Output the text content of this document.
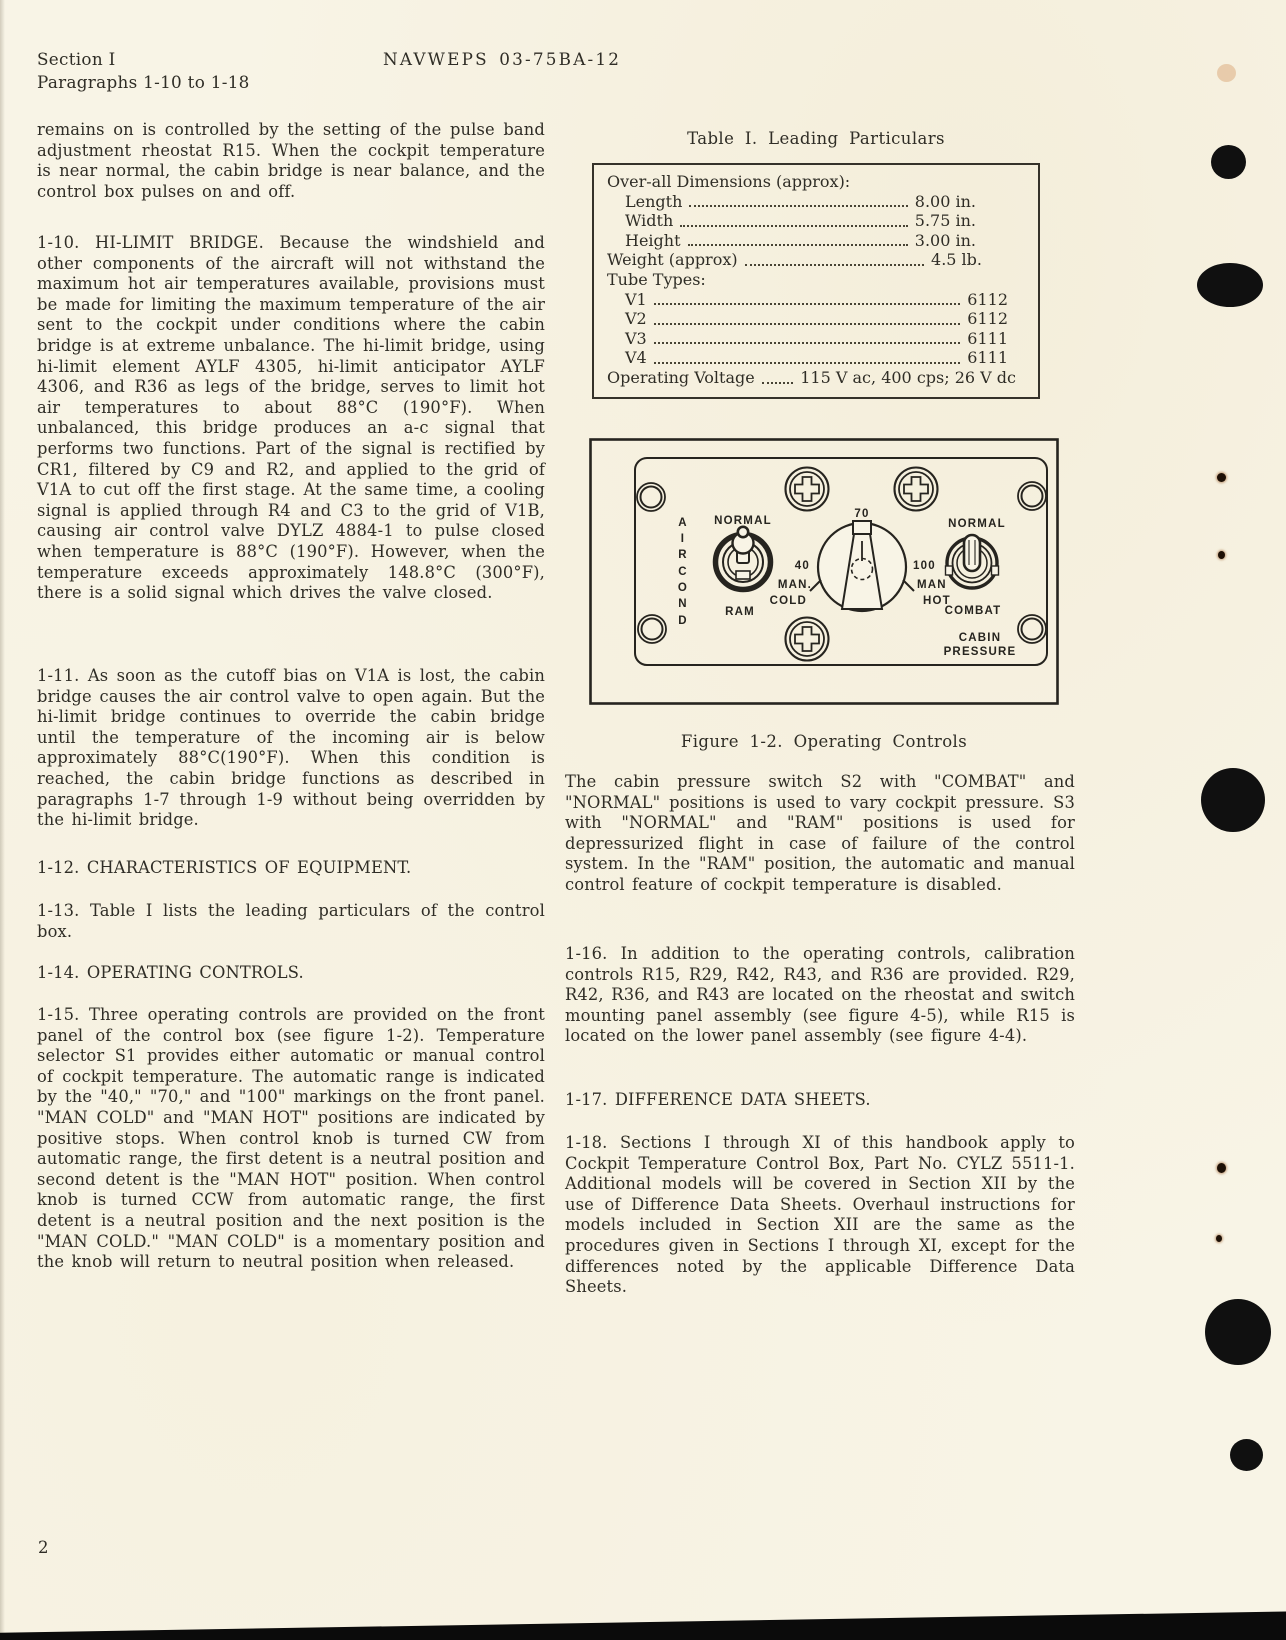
Section I
Paragraphs 1-10 to 1-18
NAVWEPS 03-75BA-12

remains on is controlled by the setting of the pulse band adjustment rheostat R15. When the cockpit temperature is near normal, the cabin bridge is near balance, and the control box pulses on and off.

1-10. HI-LIMIT BRIDGE. Because the windshield and other components of the aircraft will not withstand the maximum hot air temperatures available, provisions must be made for limiting the maximum temperature of the air sent to the cockpit under conditions where the cabin bridge is at extreme unbalance. The hi-limit bridge, using hi-limit element AYLF 4305, hi-limit anticipator AYLF 4306, and R36 as legs of the bridge, serves to limit hot air temperatures to about 88°C (190°F). When unbalanced, this bridge produces an a-c signal that performs two functions. Part of the signal is rectified by CR1, filtered by C9 and R2, and applied to the grid of V1A to cut off the first stage. At the same time, a cooling signal is applied through R4 and C3 to the grid of V1B, causing air control valve DYLZ 4884-1 to pulse closed when temperature is 88°C (190°F). However, when the temperature exceeds approximately 148.8°C (300°F), there is a solid signal which drives the valve closed.

1-11. As soon as the cutoff bias on V1A is lost, the cabin bridge causes the air control valve to open again. But the hi-limit bridge continues to override the cabin bridge until the temperature of the incoming air is below approximately 88°C(190°F). When this condition is reached, the cabin bridge functions as described in paragraphs 1-7 through 1-9 without being overridden by the hi-limit bridge.

1-12. CHARACTERISTICS OF EQUIPMENT.

1-13. Table I lists the leading particulars of the control box.

1-14. OPERATING CONTROLS.

1-15. Three operating controls are provided on the front panel of the control box (see figure 1-2). Temperature selector S1 provides either automatic or manual control of cockpit temperature. The automatic range is indicated by the "40," "70," and "100" markings on the front panel. "MAN COLD" and "MAN HOT" positions are indicated by positive stops. When control knob is turned CW from automatic range, the first detent is a neutral position and second detent is the "MAN HOT" position. When control knob is turned CCW from automatic range, the first detent is a neutral position and the next position is the "MAN COLD." "MAN COLD" is a momentary position and the knob will return to neutral position when released.

Table I. Leading Particulars
Over-all Dimensions (approx):
Length	8.00 in.
Width	5.75 in.
Height	3.00 in.
Weight (approx)	4.5 lb.
Tube Types:
V1	6112
V2	6112
V3	6111
V4	6111
Operating Voltage	115 V ac, 400 cps; 26 V dc
A
I
R
C
O
N
D
NORMAL
RAM
70
40
MAN.
COLD
100
MAN
HOT
NORMAL
COMBAT
CABIN
PRESSURE
Figure 1-2. Operating Controls

The cabin pressure switch S2 with "COMBAT" and "NORMAL" positions is used to vary cockpit pressure. S3 with "NORMAL" and "RAM" positions is used for depressurized flight in case of failure of the control system. In the "RAM" position, the automatic and manual control feature of cockpit temperature is disabled.

1-16. In addition to the operating controls, calibration controls R15, R29, R42, R43, and R36 are provided. R29, R42, R36, and R43 are located on the rheostat and switch mounting panel assembly (see figure 4-5), while R15 is located on the lower panel assembly (see figure 4-4).

1-17. DIFFERENCE DATA SHEETS.

1-18. Sections I through XI of this handbook apply to Cockpit Temperature Control Box, Part No. CYLZ 5511-1. Additional models will be covered in Section XII by the use of Difference Data Sheets. Overhaul instructions for models included in Section XII are the same as the procedures given in Sections I through XI, except for the differences noted by the applicable Difference Data Sheets.

2
